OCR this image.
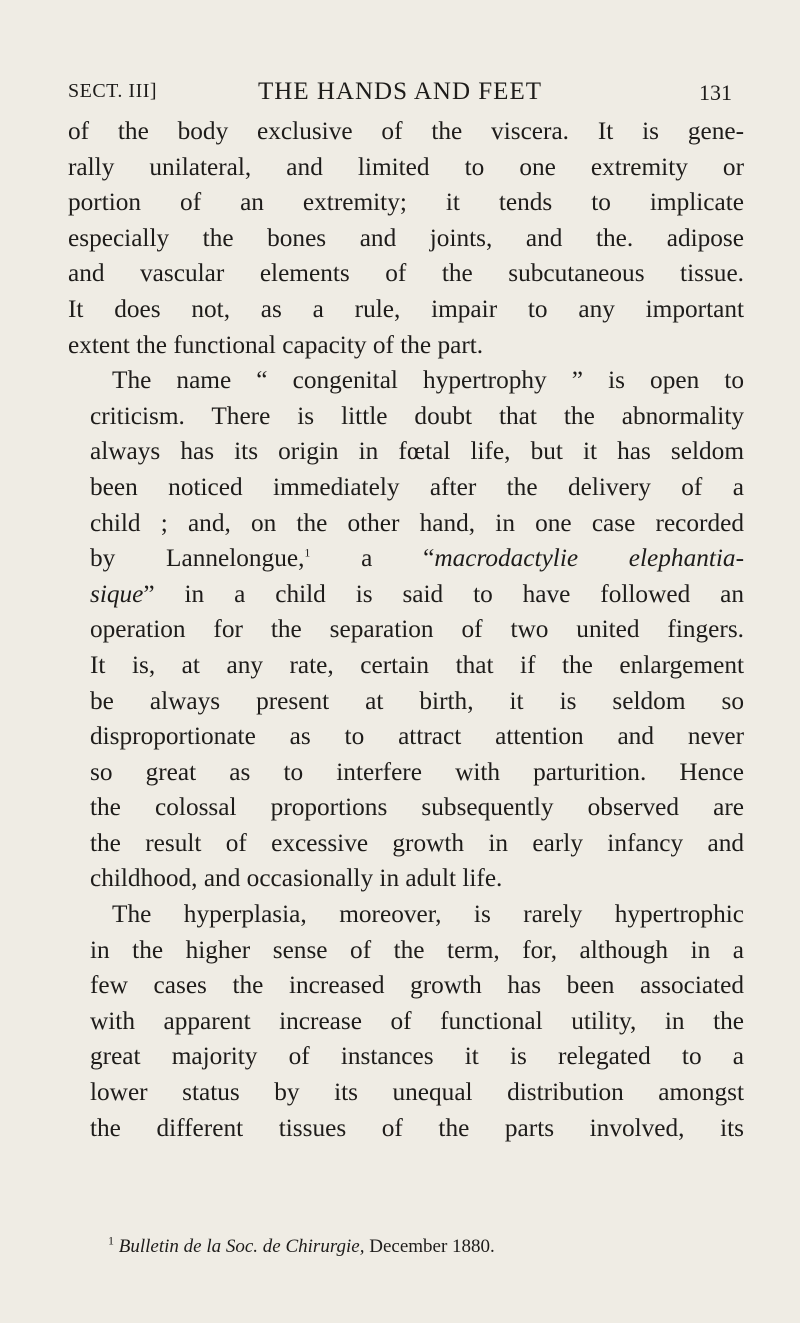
SECT. III]	THE HANDS AND FEET	131

of the body exclusive of the viscera. It is gene-
rally unilateral, and limited to one extremity or
portion of an extremity; it tends to implicate
especially the bones and joints, and the. adipose
and vascular elements of the subcutaneous tissue.
It does not, as a rule, impair to any important
extent the functional capacity of the part.

The name “ congenital hypertrophy ” is open to
criticism. There is little doubt that the abnormality
always has its origin in fœtal life, but it has seldom
been noticed immediately after the delivery of a
child ; and, on the other hand, in one case recorded
by Lannelongue,$^1$ a “macrodactylie elephantia-
sique” in a child is said to have followed an
operation for the separation of two united fingers.
It is, at any rate, certain that if the enlargement
be always present at birth, it is seldom so
disproportionate as to attract attention and never
so great as to interfere with parturition. Hence
the colossal proportions subsequently observed are
the result of excessive growth in early infancy and
childhood, and occasionally in adult life.

The hyperplasia, moreover, is rarely hypertrophic
in the higher sense of the term, for, although in a
few cases the increased growth has been associated
with apparent increase of functional utility, in the
great majority of instances it is relegated to a
lower status by its unequal distribution amongst
the different tissues of the parts involved, its

$^1$ Bulletin de la Soc. de Chirurgie, December 1880.
